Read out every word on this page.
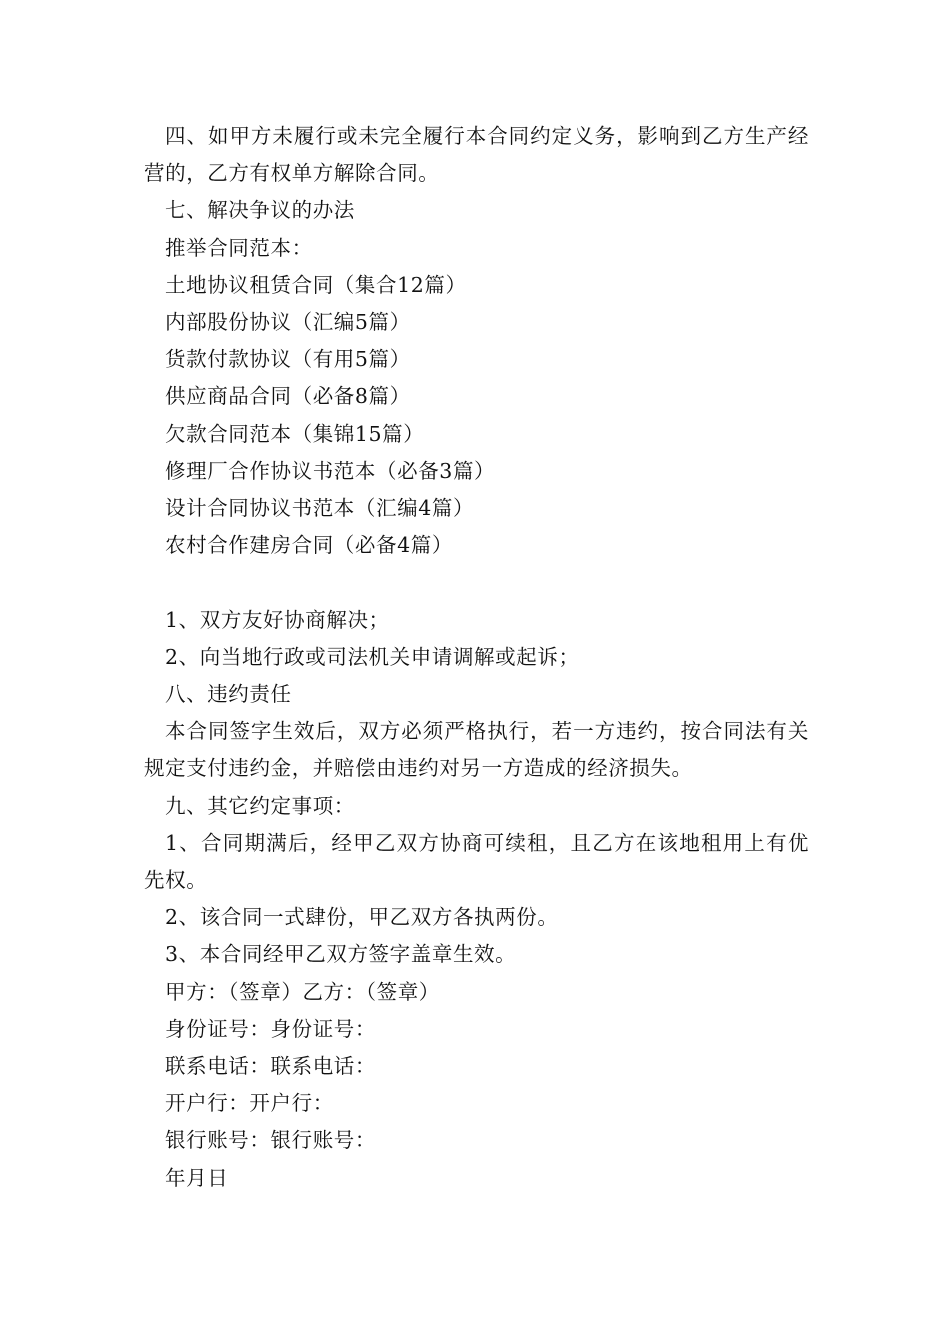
四、如甲方未履行或未完全履行本合同约定义务，影响到乙方生产经营的，乙方有权单方解除合同。

七、解决争议的办法

推举合同范本：

土地协议租赁合同（集合12篇）

内部股份协议（汇编5篇）

货款付款协议（有用5篇）

供应商品合同（必备8篇）

欠款合同范本（集锦15篇）

修理厂合作协议书范本（必备3篇）

设计合同协议书范本（汇编4篇）

农村合作建房合同（必备4篇）

1、双方友好协商解决；

2、向当地行政或司法机关申请调解或起诉；

八、违约责任

本合同签字生效后，双方必须严格执行，若一方违约，按合同法有关规定支付违约金，并赔偿由违约对另一方造成的经济损失。

九、其它约定事项：

1、合同期满后，经甲乙双方协商可续租，且乙方在该地租用上有优先权。

2、该合同一式肆份，甲乙双方各执两份。

3、本合同经甲乙双方签字盖章生效。

甲方：（签章）乙方：（签章）

身份证号：身份证号：

联系电话：联系电话：

开户行：开户行：

银行账号：银行账号：

年月日
